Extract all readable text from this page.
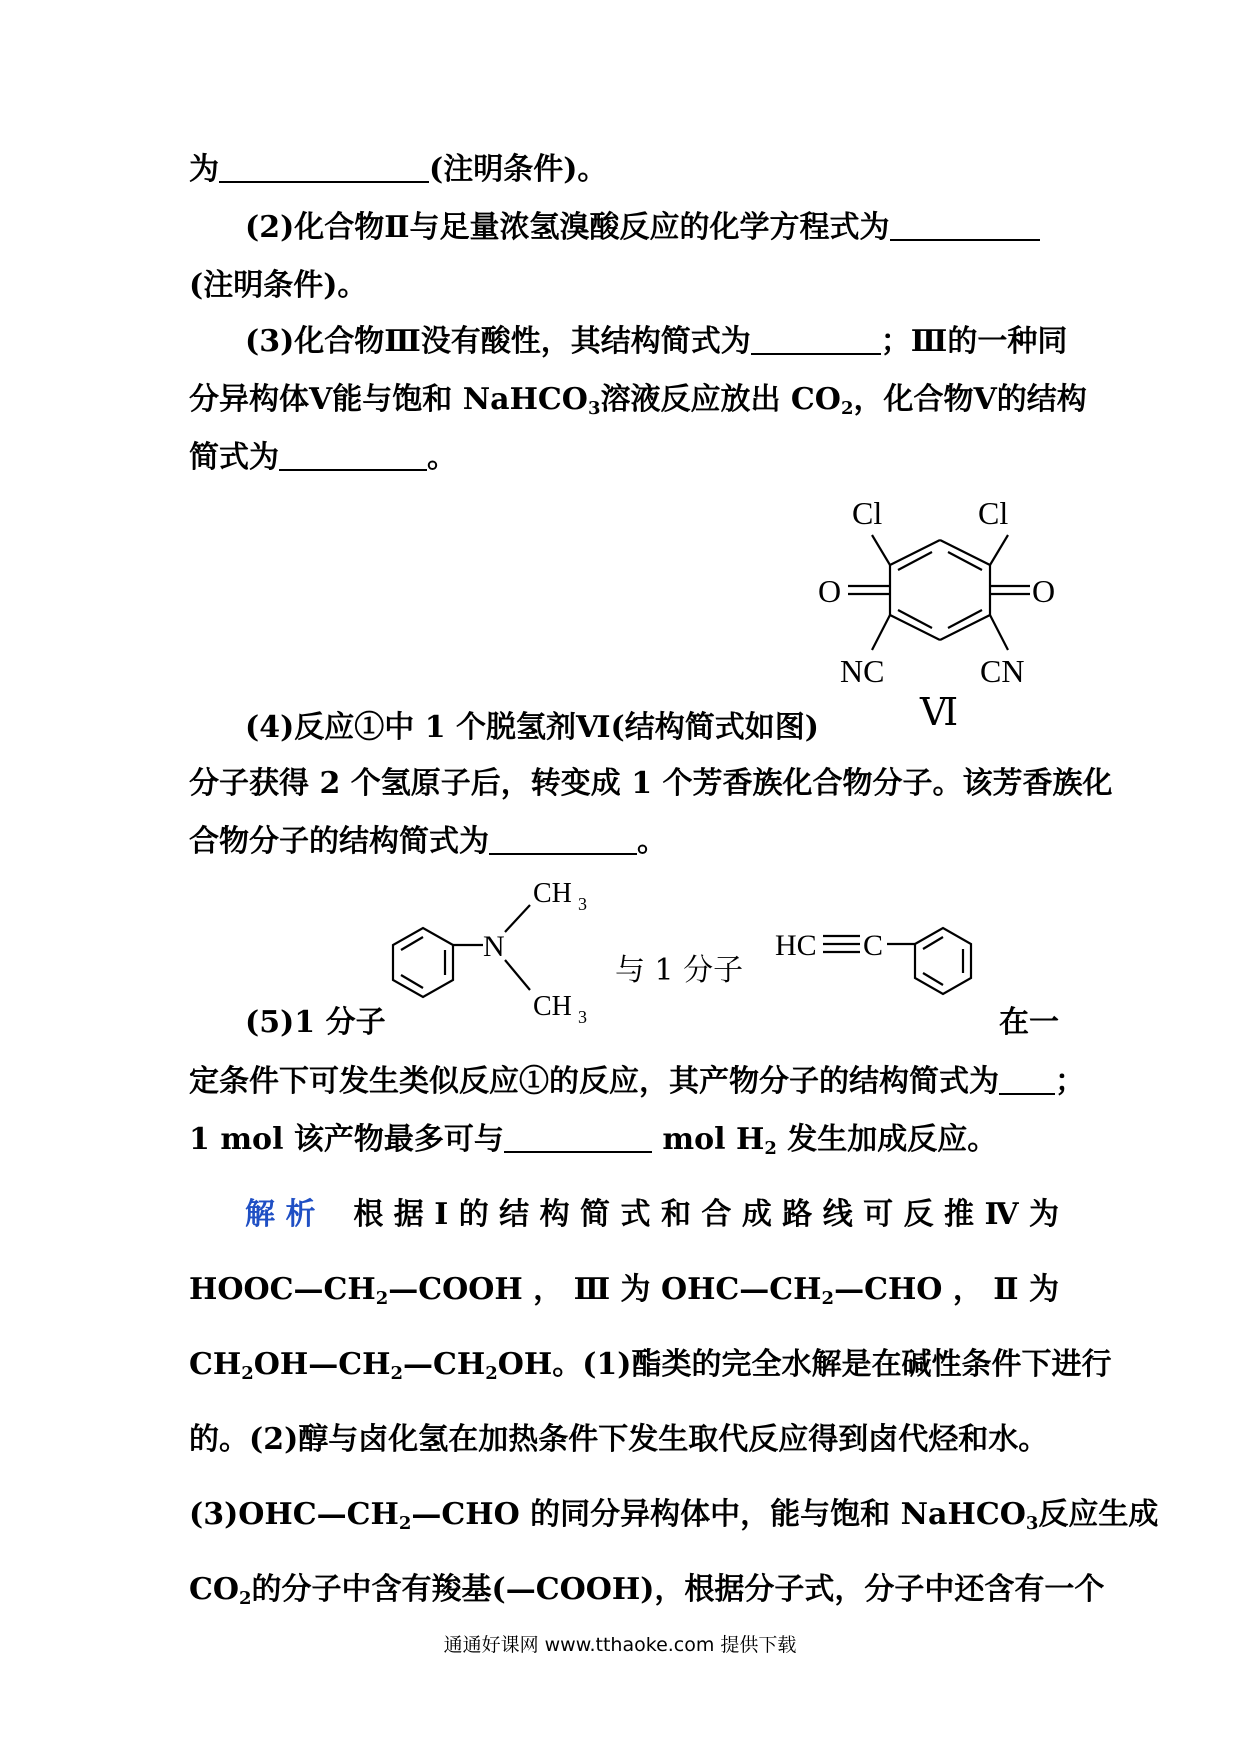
为	(注明条件)。
(2)化合物Ⅱ与足量浓氢溴酸反应的化学方程式为
(注明条件)。
(3)化合物Ⅲ没有酸性，其结构简式为	；Ⅲ的一种同
分异构体Ⅴ能与饱和 NaHCO$_3$溶液反应放出 $CO_2$，化合物Ⅴ的结构
简式为	。
Cl	Cl
O	O
NC	CN
Ⅵ
(4)反应①中 1 个脱氢剂Ⅵ(结构简式如图)
分子获得 2 个氢原子后，转变成 1 个芳香族化合物分子。该芳香族化
合物分子的结构简式为	。
N
CH 3
CH 3
与 1 分子
HC C
(5)1 分子	在一
定条件下可发生类似反应①的反应，其产物分子的结构简式为 ；
1 mol 该产物最多可与	mol $H_2$ 发生加成反应。
解 析 根 据 Ⅰ 的 结 构 简 式 和 合 成 路 线 可 反 推 Ⅳ 为
$HOOC—CH_2—COOH$ ， Ⅲ 为 $OHC—CH_2—CHO$ ， Ⅱ 为
$CH_2OH—CH_2—CH_2OH$。(1)酯类的完全水解是在碱性条件下进行
的。(2)醇与卤化氢在加热条件下发生取代反应得到卤代烃和水。
$(3)OHC—CH_2—CHO$ 的同分异构体中，能与饱和 NaHCO$_3$反应生成
$CO_2$的分子中含有羧基(—COOH)，根据分子式，分子中还含有一个
通通好课网 www.tthaoke.com 提供下载
